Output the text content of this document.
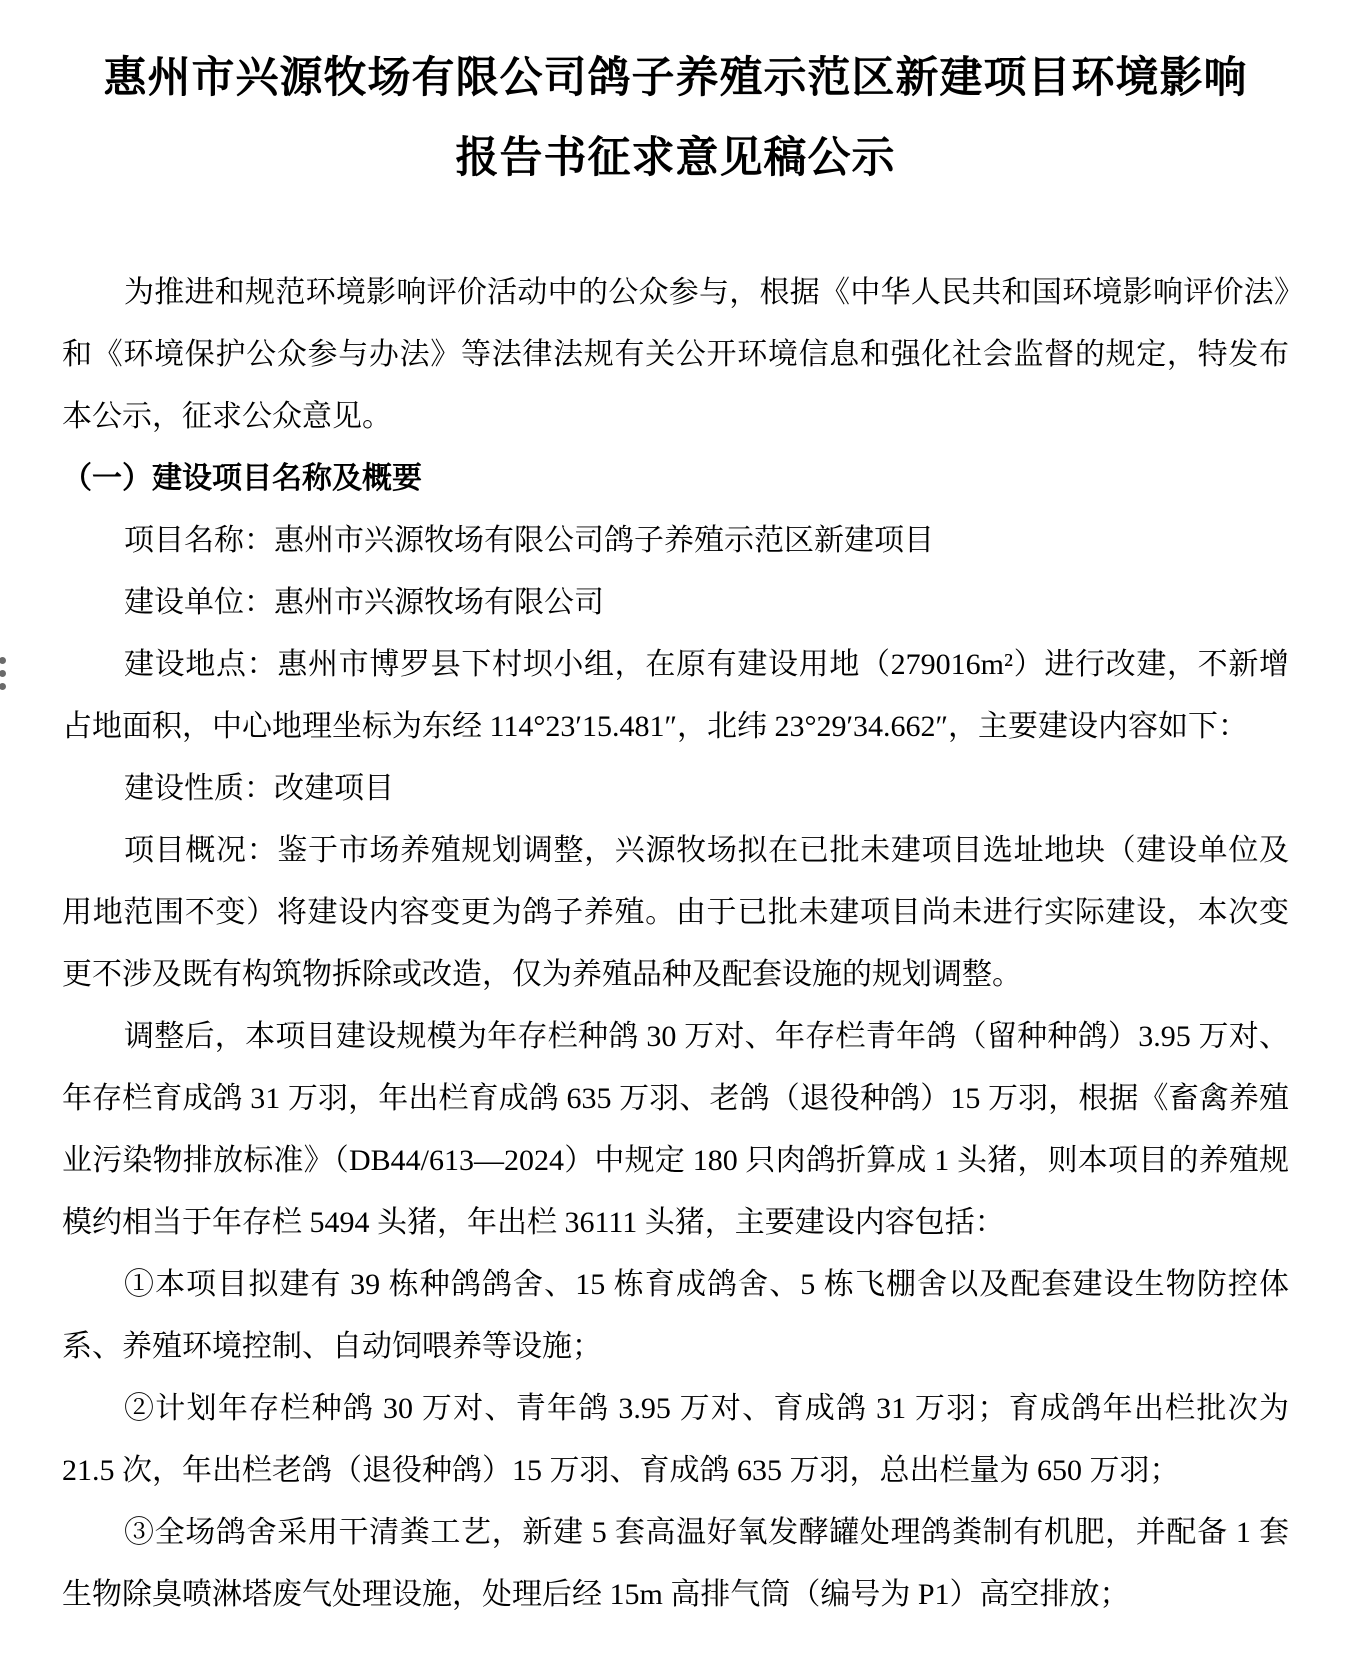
惠州市兴源牧场有限公司鸽子养殖示范区新建项目环境影响
报告书征求意见稿公示

为推进和规范环境影响评价活动中的公众参与，根据《中华人民共和国环境影响评价法》和《环境保护公众参与办法》等法律法规有关公开环境信息和强化社会监督的规定，特发布本公示，征求公众意见。

（一）建设项目名称及概要

项目名称：惠州市兴源牧场有限公司鸽子养殖示范区新建项目

建设单位：惠州市兴源牧场有限公司

建设地点：惠州市博罗县下村坝小组，在原有建设用地（279016m²）进行改建，不新增占地面积，中心地理坐标为东经 114°23′15.481″，北纬 23°29′34.662″，主要建设内容如下：

建设性质：改建项目

项目概况：鉴于市场养殖规划调整，兴源牧场拟在已批未建项目选址地块（建设单位及用地范围不变）将建设内容变更为鸽子养殖。由于已批未建项目尚未进行实际建设，本次变更不涉及既有构筑物拆除或改造，仅为养殖品种及配套设施的规划调整。

调整后，本项目建设规模为年存栏种鸽 30 万对、年存栏青年鸽（留种种鸽）3.95 万对、年存栏育成鸽 31 万羽，年出栏育成鸽 635 万羽、老鸽（退役种鸽）15 万羽，根据《畜禽养殖业污染物排放标准》（DB44/613—2024）中规定 180 只肉鸽折算成 1 头猪，则本项目的养殖规模约相当于年存栏 5494 头猪，年出栏 36111 头猪，主要建设内容包括：

①本项目拟建有 39 栋种鸽鸽舍、15 栋育成鸽舍、5 栋飞棚舍以及配套建设生物防控体系、养殖环境控制、自动饲喂养等设施；

②计划年存栏种鸽 30 万对、青年鸽 3.95 万对、育成鸽 31 万羽；育成鸽年出栏批次为 21.5 次，年出栏老鸽（退役种鸽）15 万羽、育成鸽 635 万羽，总出栏量为 650 万羽；

③全场鸽舍采用干清粪工艺，新建 5 套高温好氧发酵罐处理鸽粪制有机肥，并配备 1 套生物除臭喷淋塔废气处理设施，处理后经 15m 高排气筒（编号为 P1）高空排放；
